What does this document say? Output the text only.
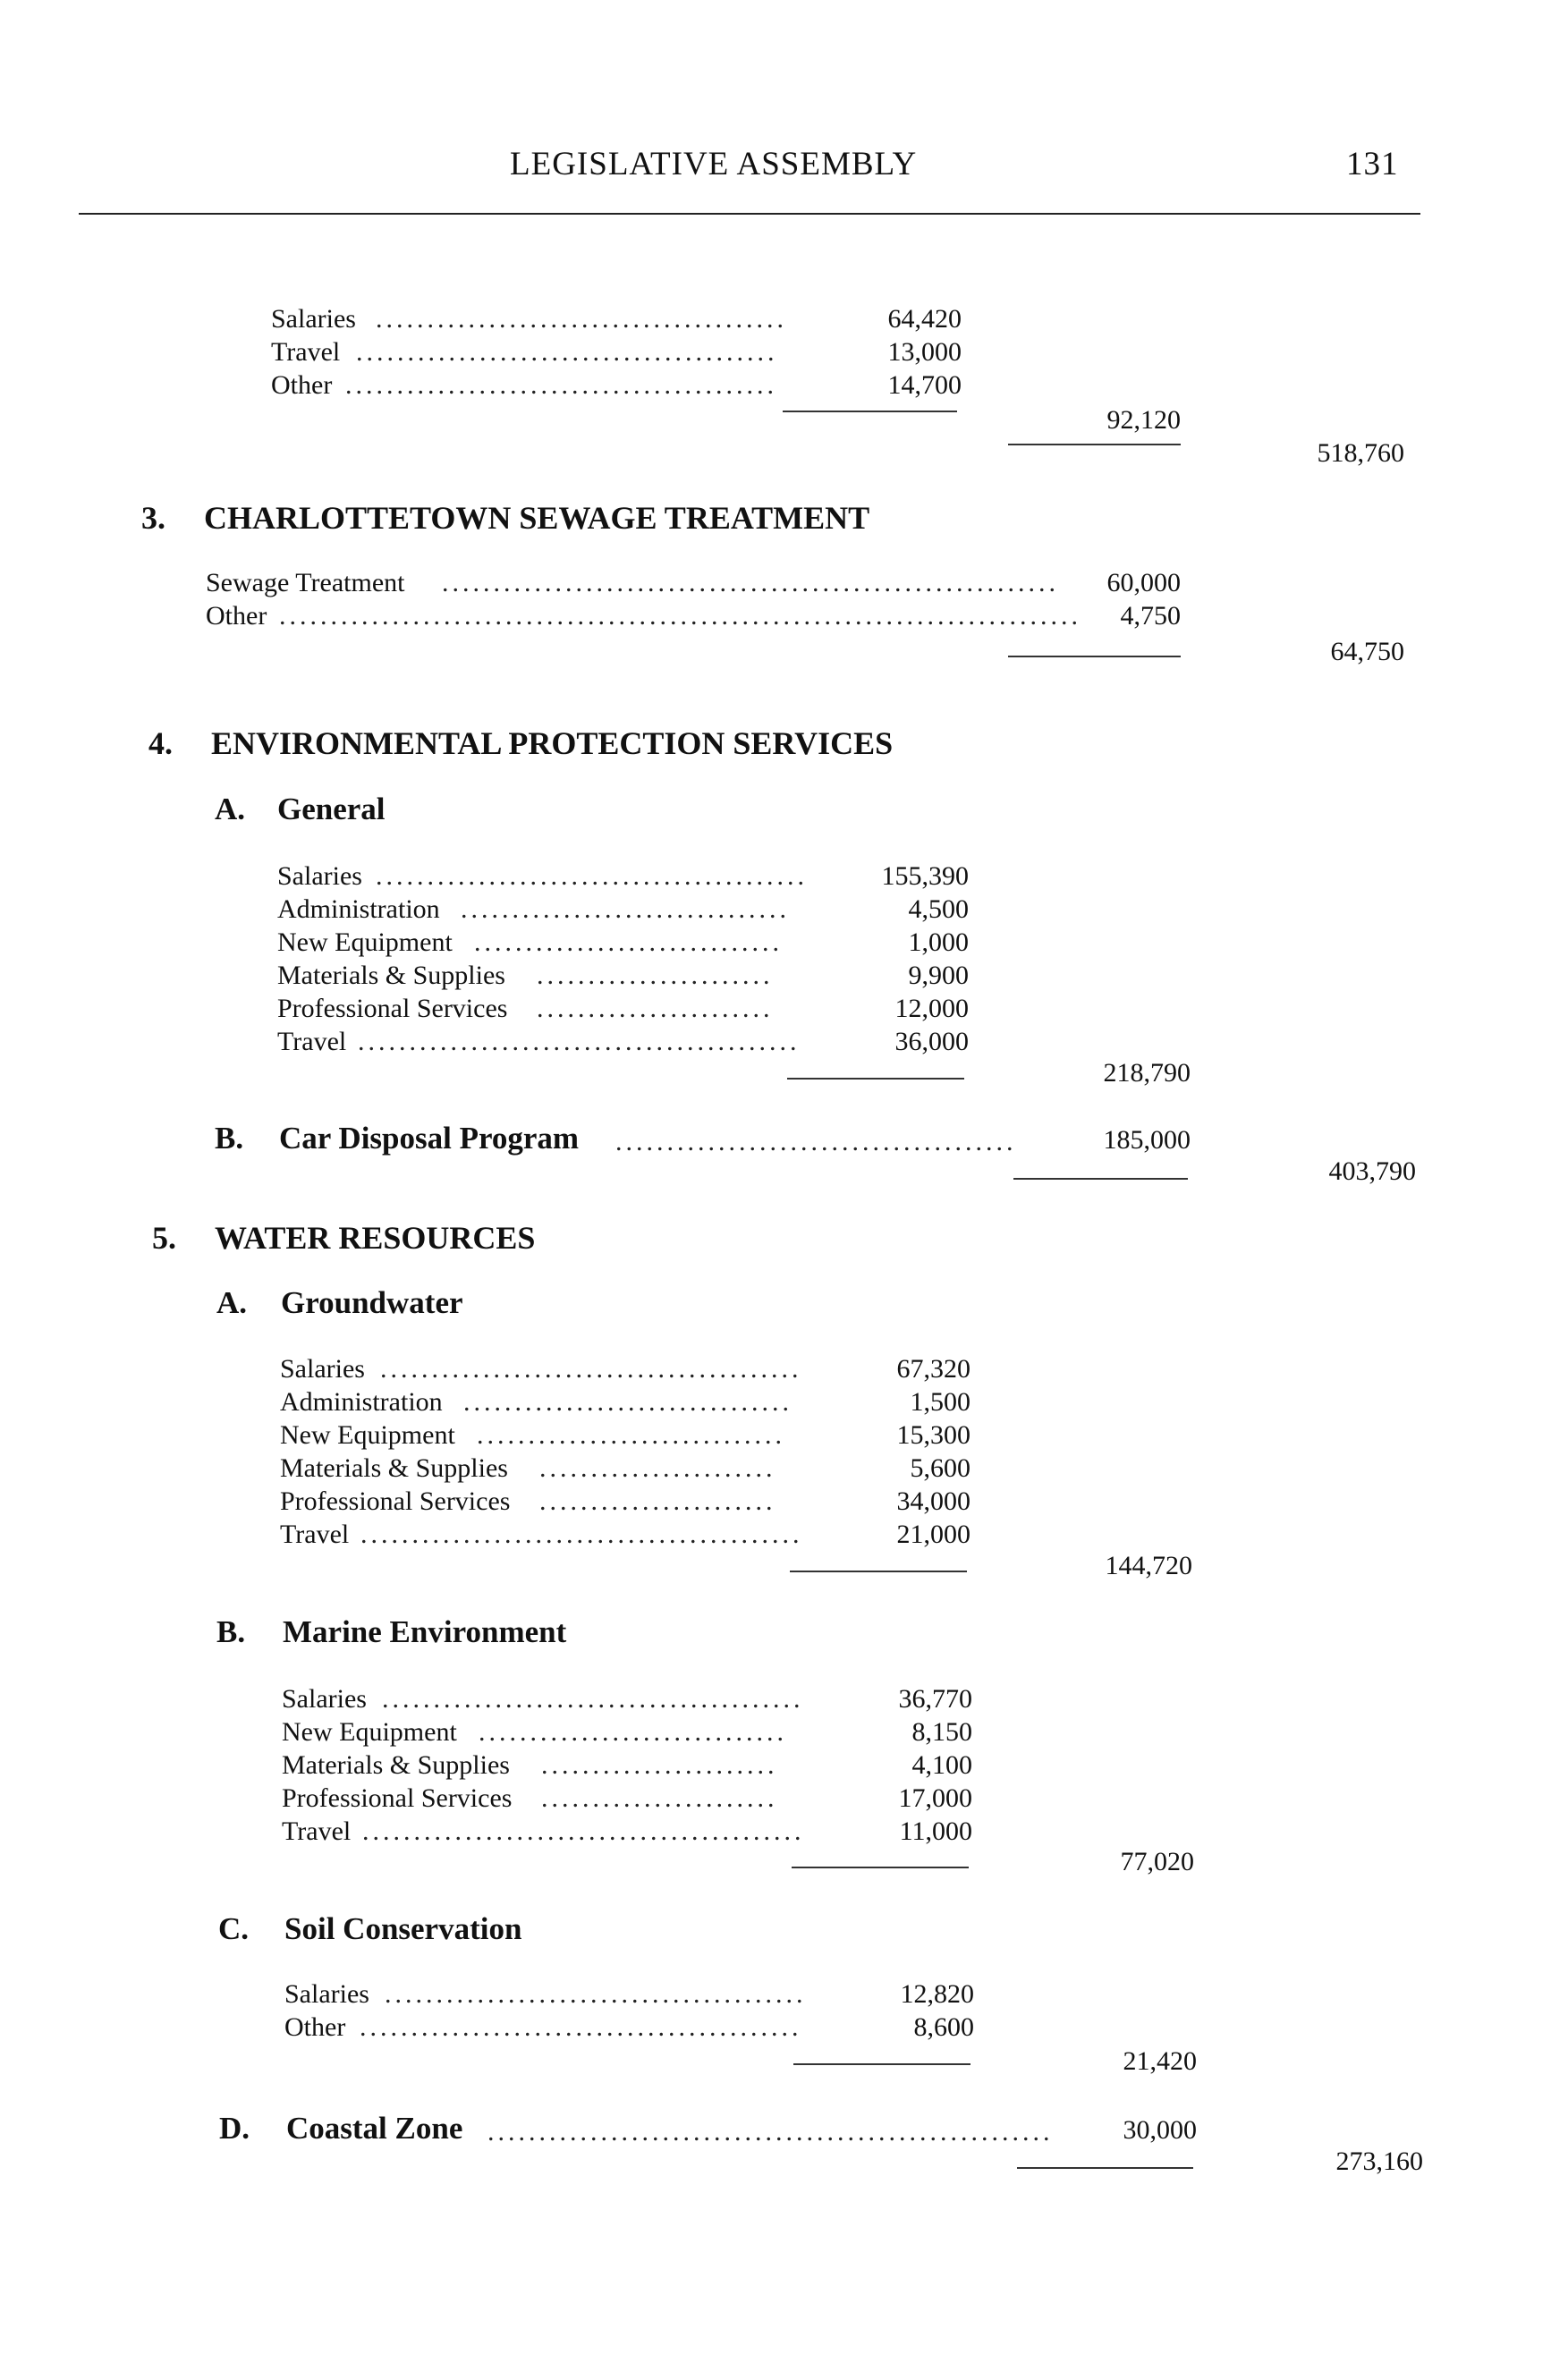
LEGISLATIVE ASSEMBLY	131
Salaries ........................................	64,420
Travel .........................................	13,000
Other ..........................................	14,700
92,120
518,760
3. CHARLOTTETOWN SEWAGE TREATMENT
Sewage Treatment ............................................................ 60,000
Other .............................................................................. 4,750
64,750
4. ENVIRONMENTAL PROTECTION SERVICES
A. General
Salaries ..........................................	155,390
Administration ................................	4,500
New Equipment ..............................	1,000
Materials & Supplies .......................	9,900
Professional Services .......................	12,000
Travel ...........................................	36,000
218,790
B. Car Disposal Program .......................................	185,000
403,790
5. WATER RESOURCES
A. Groundwater
Salaries .........................................	67,320
Administration ................................	1,500
New Equipment ..............................	15,300
Materials & Supplies .......................	5,600
Professional Services .......................	34,000
Travel ...........................................	21,000
144,720
B. Marine Environment
Salaries .........................................	36,770
New Equipment ..............................	8,150
Materials & Supplies .......................	4,100
Professional Services .......................	17,000
Travel ...........................................	11,000
77,020
C. Soil Conservation
Salaries .........................................	12,820
Other ...........................................	8,600
21,420
D. Coastal Zone .......................................................	30,000
273,160
